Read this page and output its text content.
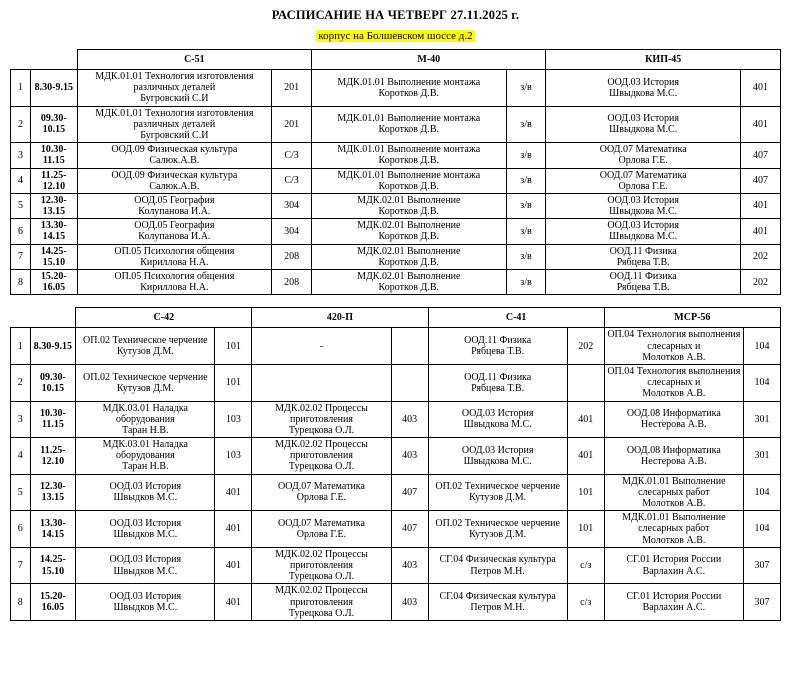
РАСПИСАНИЕ НА ЧЕТВЕРГ 27.11.2025 г.
корпус на Болшевском шоссе д.2
		С-51		М-40		КИП-45	
1	8.30-9.15	МДК.01.01 Технология изготовления различных деталей
Бугровский С.И	201	МДК.01.01 Выполнение монтажа
Коротков Д.В.	з/в	ООД.03 История
Швыдкова М.С.	401
2	09.30-10.15	МДК.01.01 Технология изготовления различных деталей
Бугровский С.И	201	МДК.01.01 Выполнение монтажа
Коротков Д.В.	з/в	ООД.03 История
Швыдкова М.С.	401
3	10.30-11.15	ООД.09 Физическая культура
Салюк.А.В.	С/З	МДК.01.01 Выполнение монтажа
Коротков Д.В.	з/в	ООД.07 Математика
Орлова Г.Е.	407
4	11.25-12.10	ООД.09 Физическая культура
Салюк.А.В.	С/З	МДК.01.01 Выполнение монтажа
Коротков Д.В.	з/в	ООД.07 Математика
Орлова Г.Е.	407
5	12.30-13.15	ООД.05 География
Колупанова И.А.	304	МДК.02.01 Выполнение
Коротков Д.В.	з/в	ООД.03 История
Швыдкова М.С.	401
6	13.30-14.15	ООД.05 География
Колупанова И.А.	304	МДК.02.01 Выполнение
Коротков Д.В.	з/в	ООД.03 История
Швыдкова М.С.	401
7	14.25-15.10	ОП.05 Психология общения
Кириллова Н.А.	208	МДК.02.01 Выполнение
Коротков Д.В.	з/в	ООД.11 Физика
Рябцева Т.В.	202
8	15.20-16.05	ОП.05 Психология общения
Кириллова Н.А.	208	МДК.02.01 Выполнение
Коротков Д.В.	з/в	ООД.11 Физика
Рябцева Т.В.	202
		С-42		420-П		С-41		МСР-56	
1	8.30-9.15	ОП.02 Техническое черчение Кутузов Д.М.	101	-		ООД.11 Физика
Рябцева Т.В.	202	ОП.04 Технология выполнения слесарных и
Молотков А.В.	104
2	09.30-10.15	ОП.02 Техническое черчение Кутузов Д.М.	101			ООД.11 Физика
Рябцева Т.В.		ОП.04 Технология выполнения слесарных и
Молотков А.В.	104
3	10.30-11.15	МДК.03.01 Наладка оборудования
Таран Н.В.	103	МДК.02.02 Процессы приготовления
Турецкова О.Л.	403	ООД.03 История
Швыдкова М.С.	401	ООД.08 Информатика
Нестерова А.В.	301
4	11.25-12.10	МДК.03.01 Наладка оборудования
Таран Н.В.	103	МДК.02.02 Процессы приготовления
Турецкова О.Л.	403	ООД.03 История
Швыдкова М.С.	401	ООД.08 Информатика
Нестерова А.В.	301
5	12.30-13.15	ООД.03 История
Швыдков М.С.	401	ООД.07 Математика
Орлова Г.Е.	407	ОП.02 Техническое черчение Кутузов Д.М.	101	МДК.01.01 Выполнение слесарных работ
Молотков А.В.	104
6	13.30-14.15	ООД.03 История
Швыдков М.С.	401	ООД.07 Математика
Орлова Г.Е.	407	ОП.02 Техническое черчение Кутузов Д.М.	101	МДК.01.01 Выполнение слесарных работ
Молотков А.В.	104
7	14.25-15.10	ООД.03 История
Швыдков М.С.	401	МДК.02.02 Процессы приготовления
Турецкова О.Л.	403	СГ.04 Физическая культура
Петров М.Н.	с/з	СГ.01 История России
Варлахин А.С.	307
8	15.20-16.05	ООД.03 История
Швыдков М.С.	401	МДК.02.02 Процессы приготовления
Турецкова О.Л.	403	СГ.04 Физическая культура
Петров М.Н.	с/з	СГ.01 История России
Варлахин А.С.	307
